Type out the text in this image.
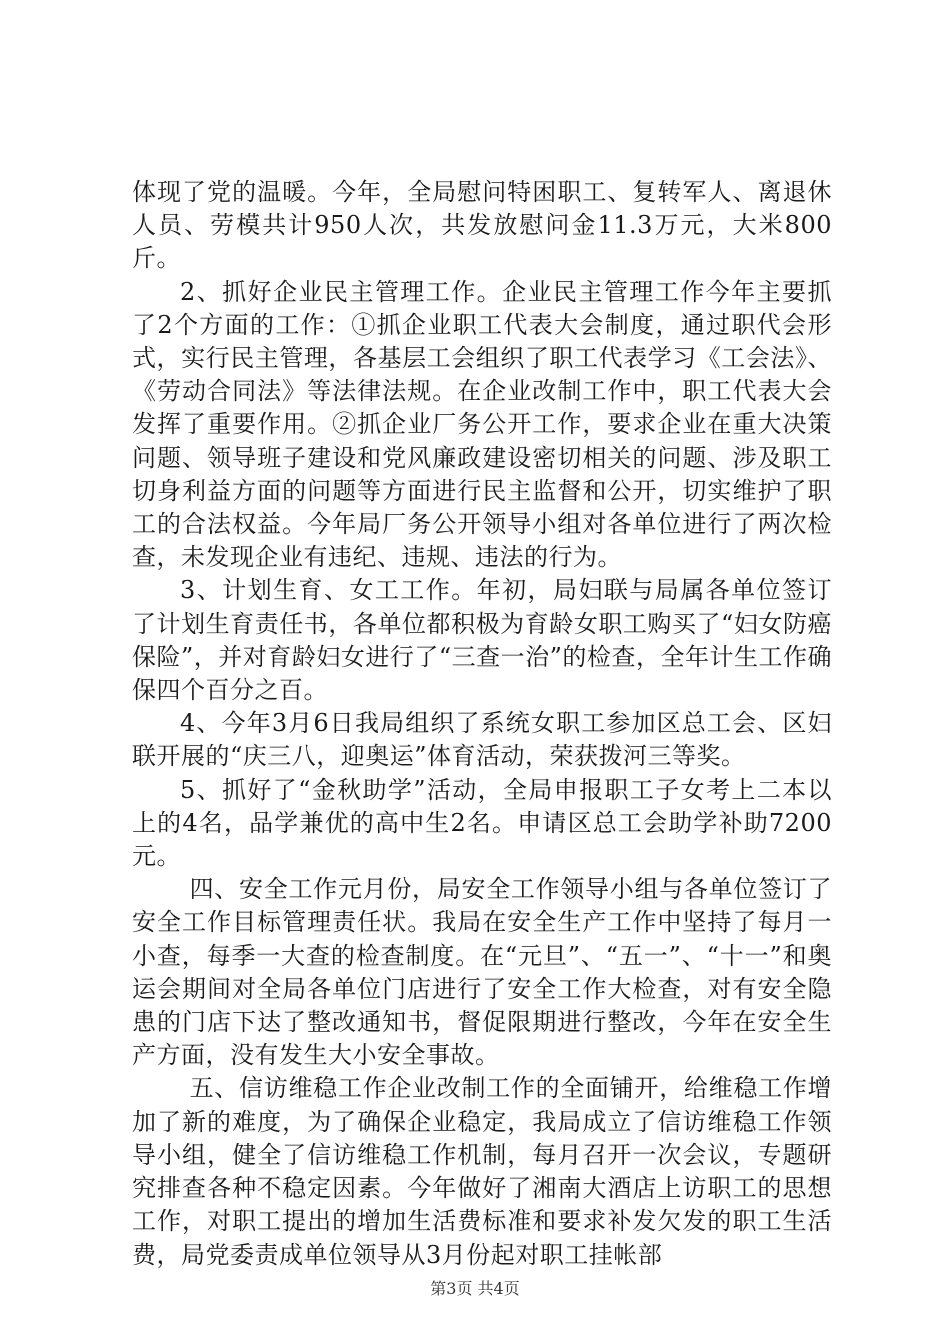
体现了党的温暖。今年，全局慰问特困职工、复转军人、离退休人员、劳模共计950人次，共发放慰问金11.3万元，大米800斤。

2、抓好企业民主管理工作。企业民主管理工作今年主要抓了2个方面的工作：①抓企业职工代表大会制度，通过职代会形式，实行民主管理，各基层工会组织了职工代表学习《工会法》、《劳动合同法》等法律法规。在企业改制工作中，职工代表大会发挥了重要作用。②抓企业厂务公开工作，要求企业在重大决策问题、领导班子建设和党风廉政建设密切相关的问题、涉及职工切身利益方面的问题等方面进行民主监督和公开，切实维护了职工的合法权益。今年局厂务公开领导小组对各单位进行了两次检查，未发现企业有违纪、违规、违法的行为。

3、计划生育、女工工作。年初，局妇联与局属各单位签订了计划生育责任书，各单位都积极为育龄女职工购买了“妇女防癌保险”，并对育龄妇女进行了“三查一治”的检查，全年计生工作确保四个百分之百。

4、今年3月6日我局组织了系统女职工参加区总工会、区妇联开展的“庆三八，迎奥运”体育活动，荣获拨河三等奖。

5、抓好了“金秋助学”活动，全局申报职工子女考上二本以上的4名，品学兼优的高中生2名。申请区总工会助学补助7200元。

四、安全工作元月份，局安全工作领导小组与各单位签订了安全工作目标管理责任状。我局在安全生产工作中坚持了每月一小查，每季一大查的检查制度。在“元旦”、“五一”、“十一”和奥运会期间对全局各单位门店进行了安全工作大检查，对有安全隐患的门店下达了整改通知书，督促限期进行整改，今年在安全生产方面，没有发生大小安全事故。

五、信访维稳工作企业改制工作的全面铺开，给维稳工作增加了新的难度，为了确保企业稳定，我局成立了信访维稳工作领导小组，健全了信访维稳工作机制，每月召开一次会议，专题研究排查各种不稳定因素。今年做好了湘南大酒店上访职工的思想工作，对职工提出的增加生活费标准和要求补发欠发的职工生活费，局党委责成单位领导从3月份起对职工挂帐部

第3页 共4页
